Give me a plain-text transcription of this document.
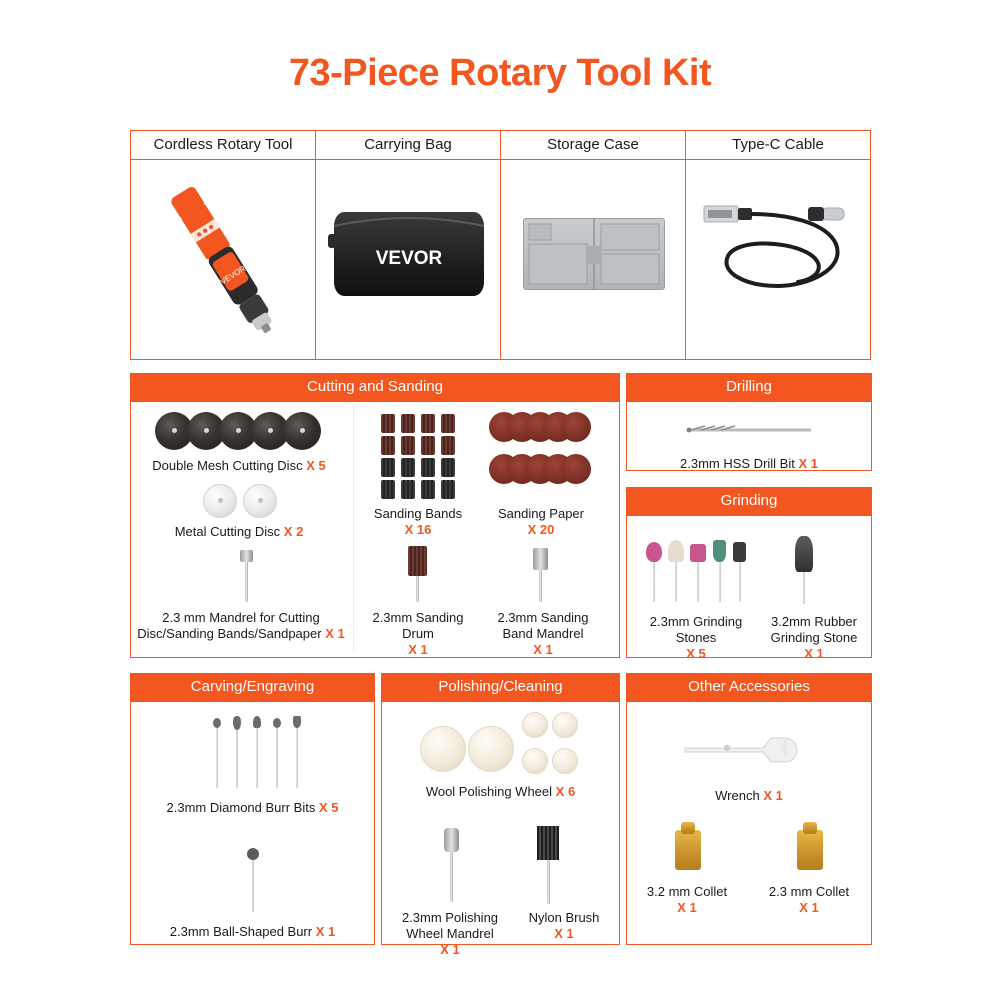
73-Piece Rotary Tool Kit
Cordless Rotary Tool
VEVOR
Carrying Bag
VEVOR
Storage Case	Type-C Cable
Cutting and Sanding
Double Mesh Cutting Disc X 5
Metal Cutting Disc X 2
2.3 mm Mandrel for Cutting Disc/Sanding Bands/Sandpaper X 1
Sanding Bands
X 16
Sanding Paper
X 20
2.3mm Sanding Drum
X 1
2.3mm Sanding Band Mandrel
X 1
Drilling
2.3mm HSS Drill Bit X 1
Grinding
2.3mm Grinding Stones
X 5
3.2mm Rubber Grinding Stone
X 1
Carving/Engraving
2.3mm Diamond Burr Bits X 5
2.3mm Ball-Shaped Burr X 1
Polishing/Cleaning
Wool Polishing Wheel X 6
2.3mm Polishing Wheel Mandrel
X 1
Nylon Brush
X 1
Other Accessories
Wrench X 1
3.2 mm Collet
X 1
2.3 mm Collet
X 1
